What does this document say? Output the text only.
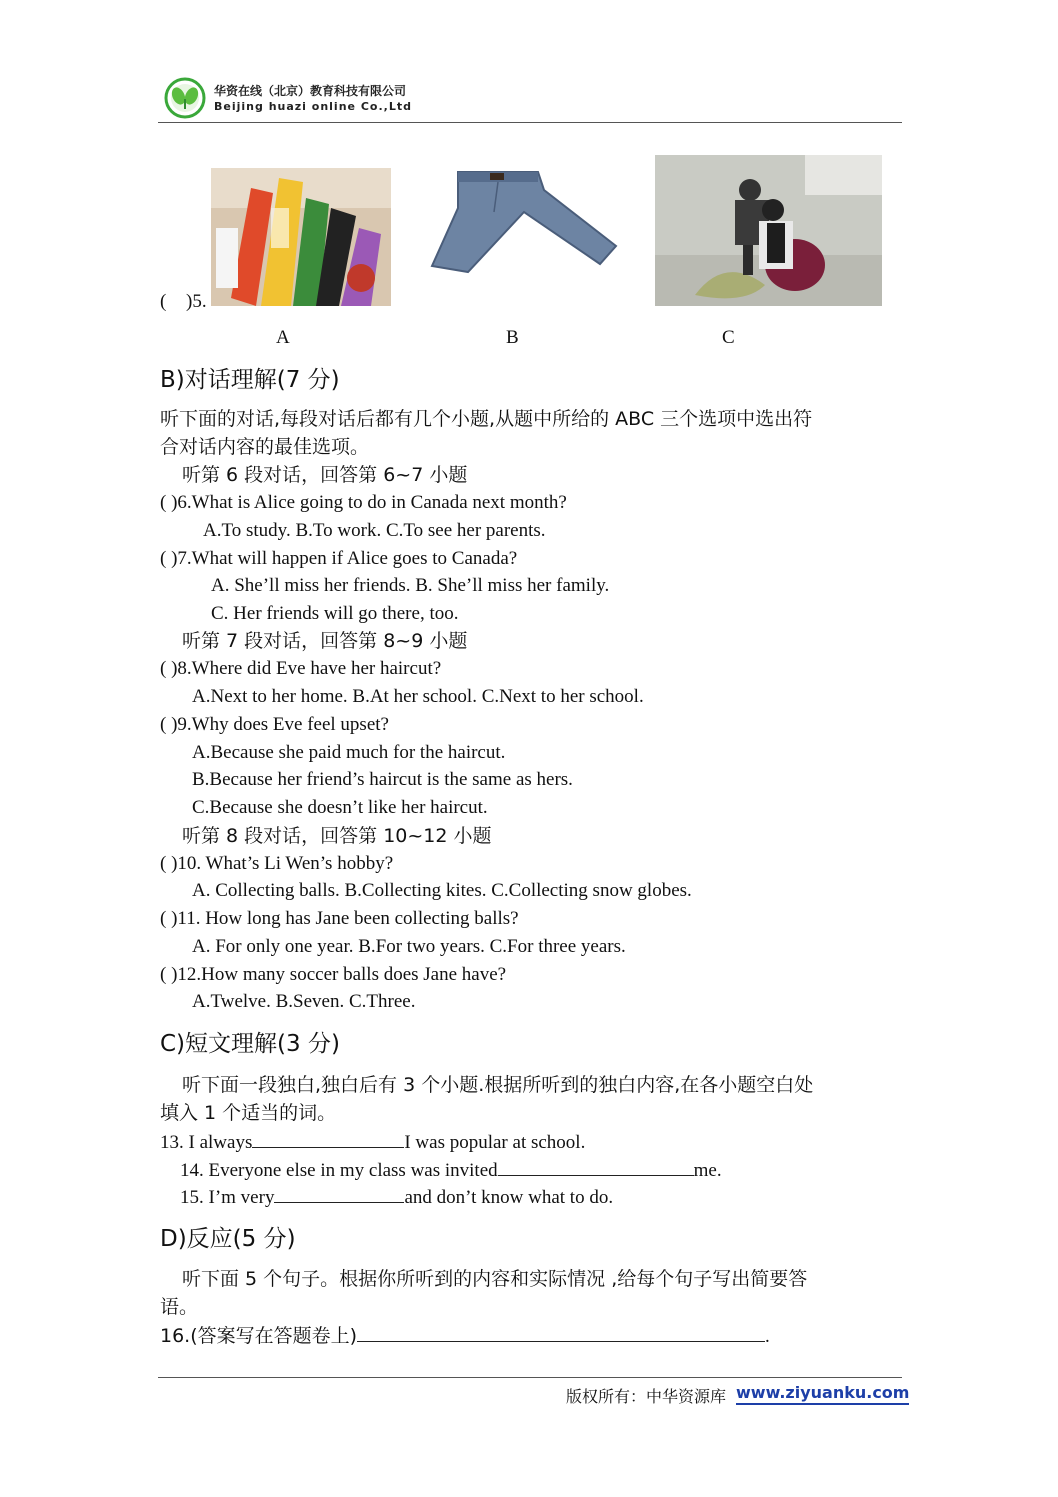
华资在线（北京）教育科技有限公司
Beijing huazi online Co.,Ltd
( )5.
A	B	C
B)对话理解(7 分)
听下面的对话,每段对话后都有几个小题,从题中所给的 ABC 三个选项中选出符
合对话内容的最佳选项。
听第 6 段对话，回答第 6~7 小题
( )6.What is Alice going to do in Canada next month?
A.To study. B.To work. C.To see her parents.
( )7.What will happen if Alice goes to Canada?
A. She’ll miss her friends. B. She’ll miss her family.
C. Her friends will go there, too.
听第 7 段对话，回答第 8~9 小题
( )8.Where did Eve have her haircut?
A.Next to her home. B.At her school. C.Next to her school.
( )9.Why does Eve feel upset?
A.Because she paid much for the haircut.
B.Because her friend’s haircut is the same as hers.
C.Because she doesn’t like her haircut.
听第 8 段对话，回答第 10~12 小题
( )10. What’s Li Wen’s hobby?
A. Collecting balls. B.Collecting kites. C.Collecting snow globes.
( )11. How long has Jane been collecting balls?
A. For only one year. B.For two years. C.For three years.
( )12.How many soccer balls does Jane have?
A.Twelve. B.Seven. C.Three.
C)短文理解(3 分)
听下面一段独白,独白后有 3 个小题.根据所听到的独白内容,在各小题空白处
填入 1 个适当的词。
13. I always	I was popular at school.
14. Everyone else in my class was invited	me.
15. I’m very	and don’t know what to do.
D)反应(5 分)
听下面 5 个句子。根据你所听到的内容和实际情况 ,给每个句子写出简要答
语。
16.(答案写在答题卷上)	.
版权所有：中华资源库 www.ziyuanku.com
